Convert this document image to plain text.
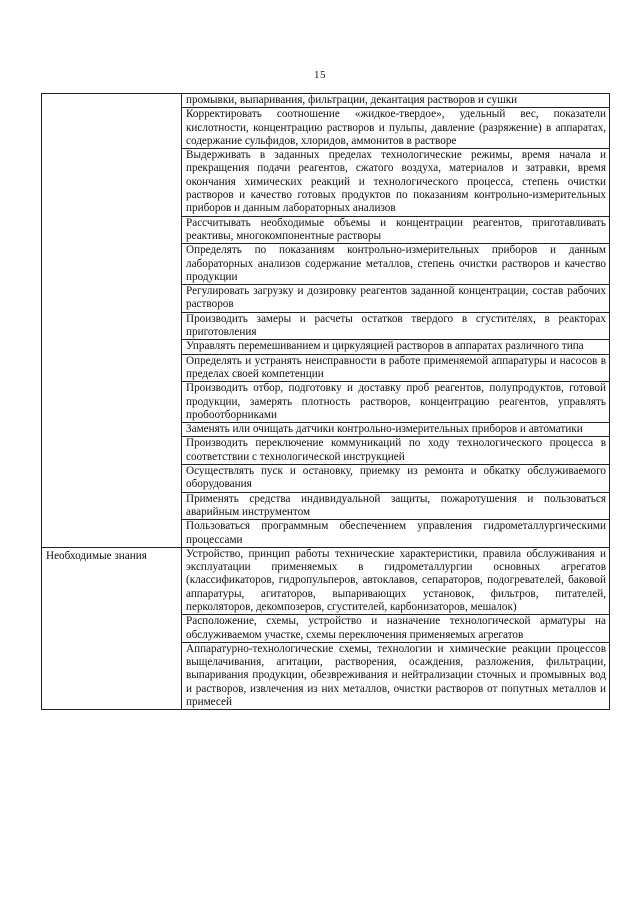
15
	промывки, выпаривания, фильтрации, декантация растворов и сушки
	Корректировать соотношение «жидкое-твердое», удельный вес, показатели кислотности, концентрацию растворов и пульпы, давление (разряжение) в аппаратах, содержание сульфидов, хлоридов, аммонитов в растворе
	Выдерживать в заданных пределах технологические режимы, время начала и прекращения подачи реагентов, сжатого воздуха, материалов и затравки, время окончания химических реакций и технологического процесса, степень очистки растворов и качество готовых продуктов по показаниям контрольно-измерительных приборов и данным лабораторных анализов
	Рассчитывать необходимые объемы и концентрации реагентов, приготавливать реактивы, многокомпонентные растворы
	Определять по показаниям контрольно-измерительных приборов и данным лабораторных анализов содержание металлов, степень очистки растворов и качество продукции
	Регулировать загрузку и дозировку реагентов заданной концентрации, состав рабочих растворов
	Производить замеры и расчеты остатков твердого в сгустителях, в реакторах приготовления
	Управлять перемешиванием и циркуляцией растворов в аппаратах различного типа
	Определять и устранять неисправности в работе применяемой аппаратуры и насосов в пределах своей компетенции
	Производить отбор, подготовку и доставку проб реагентов, полупродуктов, готовой продукции, замерять плотность растворов, концентрацию реагентов, управлять пробоотборниками
	Заменять или очищать датчики контрольно-измерительных приборов и автоматики
	Производить переключение коммуникаций по ходу технологического процесса в соответствии с технологической инструкцией
	Осуществлять пуск и остановку, приемку из ремонта и обкатку обслуживаемого оборудования
	Применять средства индивидуальной защиты, пожаротушения и пользоваться аварийным инструментом
	Пользоваться программным обеспечением управления гидрометаллургическими процессами

Необходимые знания	Устройство, принцип работы технические характеристики, правила обслуживания и эксплуатации применяемых в гидрометаллургии основных агрегатов (классификаторов, гидропульперов, автоклавов, сепараторов, подогревателей, баковой аппаратуры, агитаторов, выпаривающих установок, фильтров, питателей, перколяторов, декомпозеров, сгустителей, карбонизаторов, мешалок)
	Расположение, схемы, устройство и назначение технологической арматуры на обслуживаемом участке, схемы переключения применяемых агрегатов
	Аппаратурно-технологические схемы, технологии и химические реакции процессов выщелачивания, агитации, растворения, осаждения, разложения, фильтрации, выпаривания продукции, обезвреживания и нейтрализации сточных и промывных вод и растворов, извлечения из них металлов, очистки растворов от попутных металлов и примесей
